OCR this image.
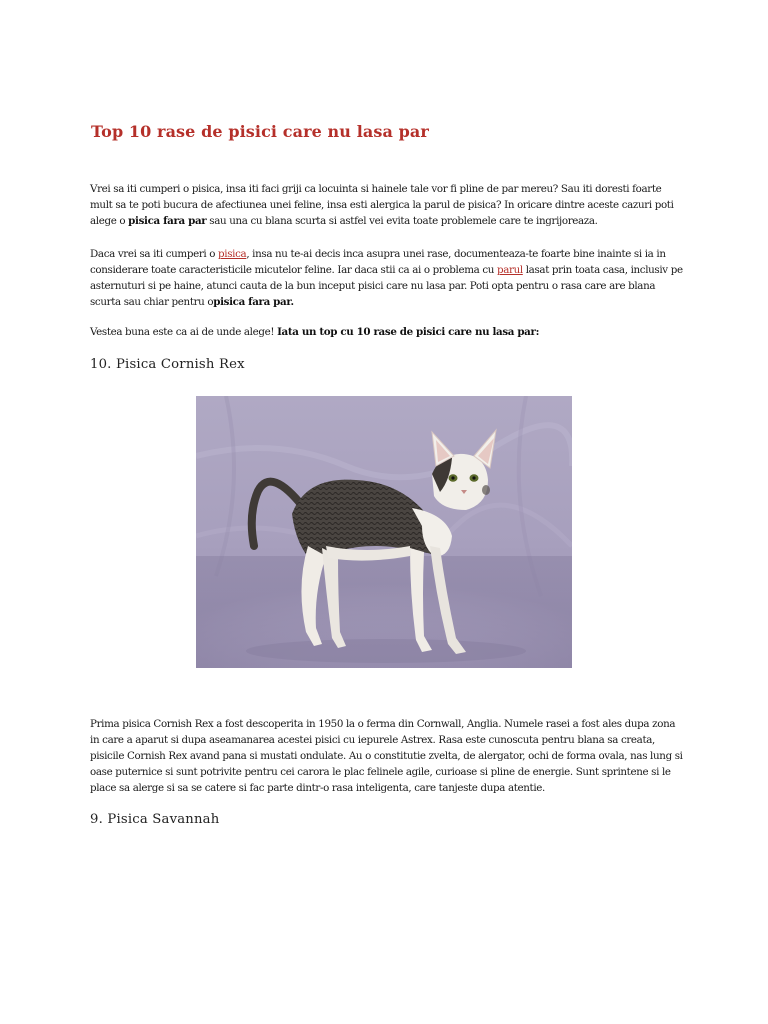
Top 10 rase de pisici care nu lasa par

Vrei sa iti cumperi o pisica, insa iti faci griji ca locuinta si hainele tale vor fi pline de par mereu? Sau iti doresti foarte mult sa te poti bucura de afectiunea unei feline, insa esti alergica la parul de pisica? In oricare dintre aceste cazuri poti alege o pisica fara par sau una cu blana scurta si astfel vei evita toate problemele care te ingrijoreaza.

Daca vrei sa iti cumperi o pisica, insa nu te-ai decis inca asupra unei rase, documenteaza-te foarte bine inainte si ia in considerare toate caracteristicile micutelor feline. Iar daca stii ca ai o problema cu parul lasat prin toata casa, inclusiv pe asternuturi si pe haine, atunci cauta de la bun inceput pisici care nu lasa par. Poti opta pentru o rasa care are blana scurta sau chiar pentru opisica fara par.

Vestea buna este ca ai de unde alege! Iata un top cu 10 rase de pisici care nu lasa par:

10. Pisica Cornish Rex

Prima pisica Cornish Rex a fost descoperita in 1950 la o ferma din Cornwall, Anglia. Numele rasei a fost ales dupa zona in care a aparut si dupa aseamanarea acestei pisici cu iepurele Astrex. Rasa este cunoscuta pentru blana sa creata, pisicile Cornish Rex avand pana si mustati ondulate. Au o constitutie zvelta, de alergator, ochi de forma ovala, nas lung si oase puternice si sunt potrivite pentru cei carora le plac felinele agile, curioase si pline de energie. Sunt sprintene si le place sa alerge si sa se catere si fac parte dintr-o rasa inteligenta, care tanjeste dupa atentie.

9. Pisica Savannah
